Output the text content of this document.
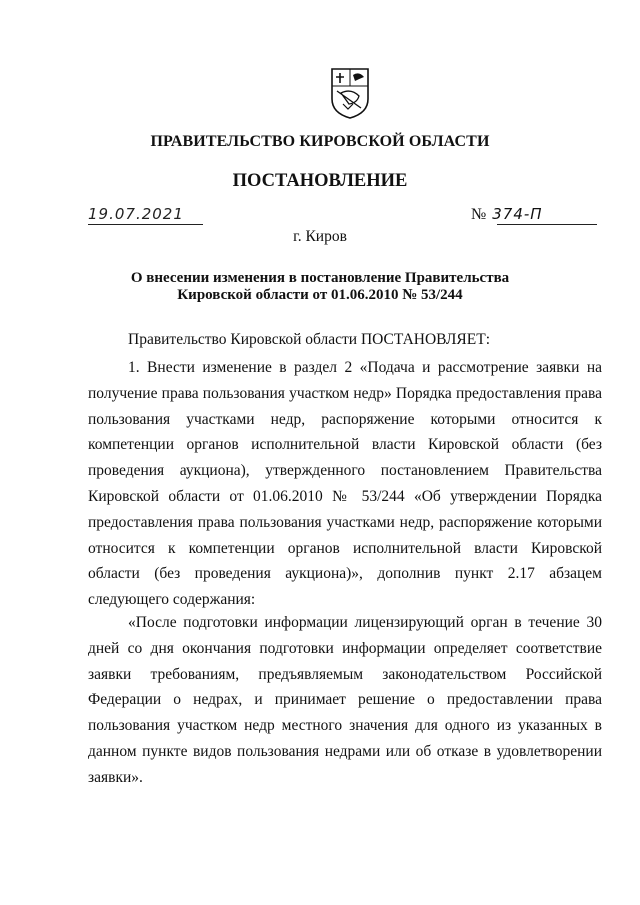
ПРАВИТЕЛЬСТВО КИРОВСКОЙ ОБЛАСТИ
ПОСТАНОВЛЕНИЕ
19.07.2021	№ 374-П
г. Киров
О внесении изменения в постановление Правительства Кировской области от 01.06.2010 № 53/244
Правительство Кировской области ПОСТАНОВЛЯЕТ:
1. Внести изменение в раздел 2 «Подача и рассмотрение заявки на получение права пользования участком недр» Порядка предоставления права пользования участками недр, распоряжение которыми относится к компетенции органов исполнительной власти Кировской области (без проведения аукциона), утвержденного постановлением Правительства Кировской области от 01.06.2010 № 53/244 «Об утверждении Порядка предоставления права пользования участками недр, распоряжение которыми относится к компетенции органов исполнительной власти Кировской области (без проведения аукциона)», дополнив пункт 2.17 абзацем следующего содержания:
«После подготовки информации лицензирующий орган в течение 30 дней со дня окончания подготовки информации определяет соответствие заявки требованиям, предъявляемым законодательством Российской Федерации о недрах, и принимает решение о предоставлении права пользования участком недр местного значения для одного из указанных в данном пункте видов пользования недрами или об отказе в удовлетворении заявки».
